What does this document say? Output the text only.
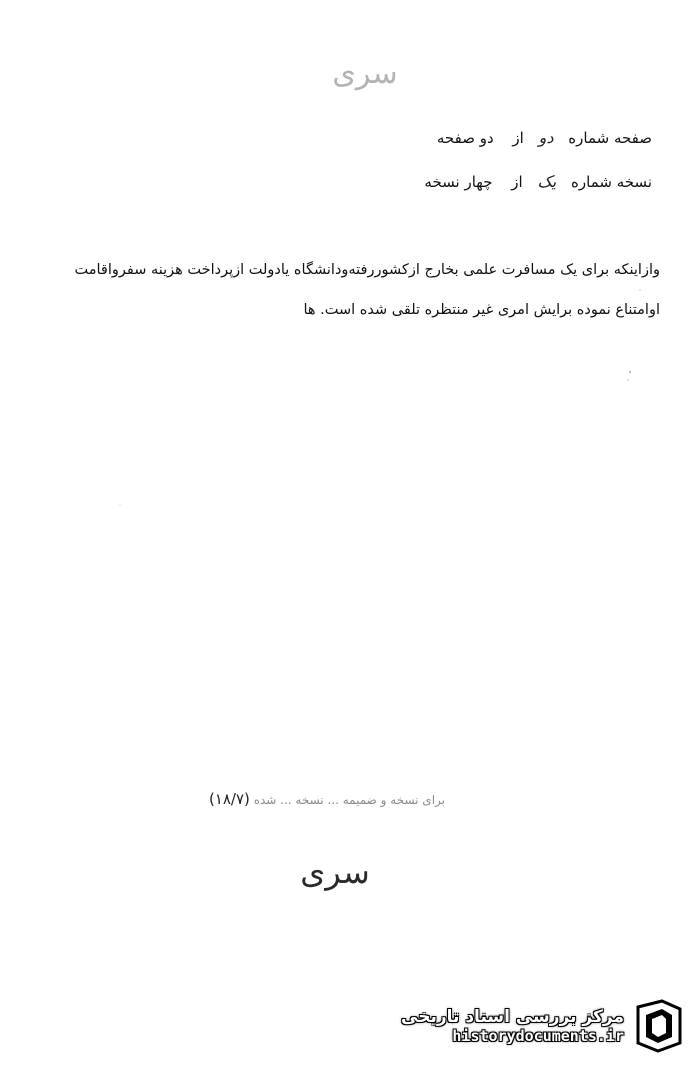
سری
صفحه شماره دو از دو صفحه
نسخه شماره یک از چهار نسخه

وازاینکه برای یک مسافرت علمی بخارج ازکشوررفته‌ودانشگاه یادولت ازپرداخت هزینه سفرواقامت

اوامتناع نموده برایش امری غیر منتظره تلقی شده است. ها

برای نسخه و ضمیمه ... نسخه ... شده (۱۸/۷)
سری
مرکز بررسی اسناد تاریخی
historydocuments.ir
